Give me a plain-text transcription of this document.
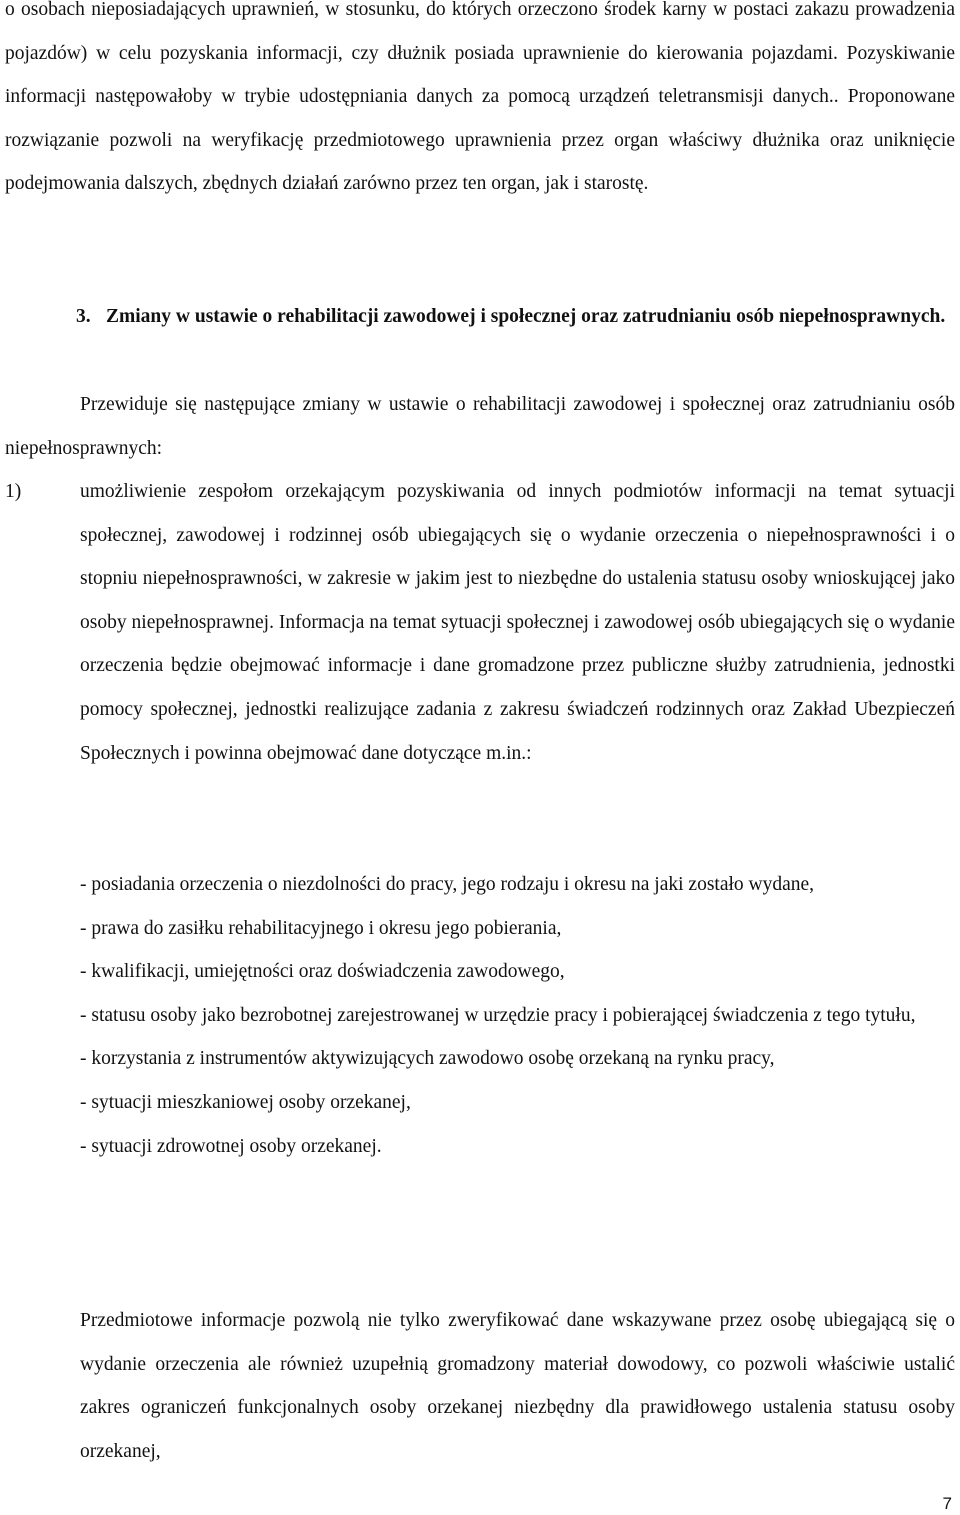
o osobach nieposiadających uprawnień, w stosunku, do których orzeczono środek karny w postaci zakazu prowadzenia pojazdów) w celu pozyskania informacji, czy dłużnik posiada uprawnienie do kierowania pojazdami. Pozyskiwanie informacji następowałoby w trybie udostępniania danych za pomocą urządzeń teletransmisji danych.. Proponowane rozwiązanie pozwoli na weryfikację przedmiotowego uprawnienia przez organ właściwy dłużnika oraz uniknięcie podejmowania dalszych, zbędnych działań zarówno przez ten organ, jak i starostę.

3. Zmiany w ustawie o rehabilitacji zawodowej i społecznej oraz zatrudnianiu osób niepełnosprawnych.

Przewiduje się następujące zmiany w ustawie o rehabilitacji zawodowej i społecznej oraz zatrudnianiu osób niepełnosprawnych:

1)	umożliwienie zespołom orzekającym pozyskiwania od innych podmiotów informacji na temat sytuacji społecznej, zawodowej i rodzinnej osób ubiegających się o wydanie orzeczenia o niepełnosprawności i o stopniu niepełnosprawności, w zakresie w jakim jest to niezbędne do ustalenia statusu osoby wnioskującej jako osoby niepełnosprawnej. Informacja na temat sytuacji społecznej i zawodowej osób ubiegających się o wydanie orzeczenia będzie obejmować informacje i dane gromadzone przez publiczne służby zatrudnienia, jednostki pomocy społecznej, jednostki realizujące zadania z zakresu świadczeń rodzinnych oraz Zakład Ubezpieczeń Społecznych i powinna obejmować dane dotyczące m.in.:
- posiadania orzeczenia o niezdolności do pracy, jego rodzaju i okresu na jaki zostało wydane,
- prawa do zasiłku rehabilitacyjnego i okresu jego pobierania,
- kwalifikacji, umiejętności oraz doświadczenia zawodowego,
- statusu osoby jako bezrobotnej zarejestrowanej w urzędzie pracy i pobierającej świadczenia z tego tytułu,
- korzystania z instrumentów aktywizujących zawodowo osobę orzekaną na rynku pracy,
- sytuacji mieszkaniowej osoby orzekanej,
- sytuacji zdrowotnej osoby orzekanej.

Przedmiotowe informacje pozwolą nie tylko zweryfikować dane wskazywane przez osobę ubiegającą się o wydanie orzeczenia ale również uzupełnią gromadzony materiał dowodowy, co pozwoli właściwie ustalić zakres ograniczeń funkcjonalnych osoby orzekanej niezbędny dla prawidłowego ustalenia statusu osoby orzekanej,

7
